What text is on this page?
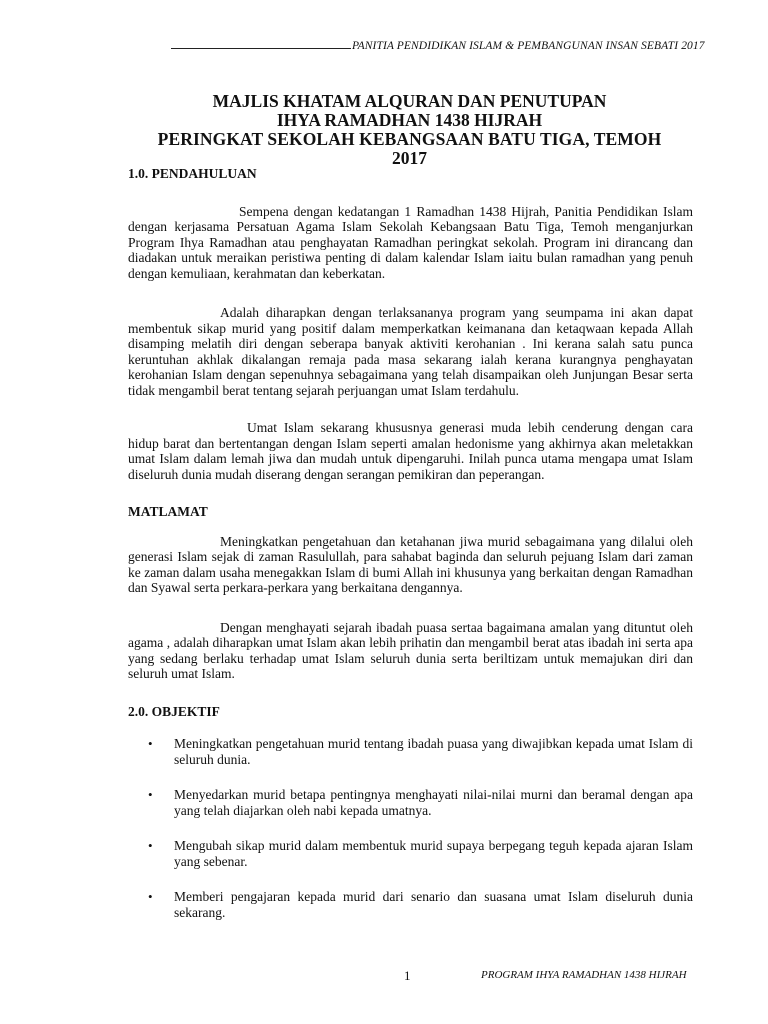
PANITIA PENDIDIKAN ISLAM & PEMBANGUNAN INSAN SEBATI 2017
MAJLIS KHATAM ALQURAN DAN PENUTUPAN
IHYA RAMADHAN 1438 HIJRAH
PERINGKAT SEKOLAH KEBANGSAAN BATU TIGA, TEMOH
2017
1.0. PENDAHULUAN

Sempena dengan kedatangan 1 Ramadhan 1438 Hijrah, Panitia Pendidikan Islam dengan kerjasama Persatuan Agama Islam Sekolah Kebangsaan Batu Tiga, Temoh menganjurkan Program Ihya Ramadhan atau penghayatan Ramadhan peringkat sekolah. Program ini dirancang dan diadakan untuk meraikan peristiwa penting di dalam kalendar Islam iaitu bulan ramadhan yang penuh dengan kemuliaan, kerahmatan dan keberkatan.

Adalah diharapkan dengan terlaksananya program yang seumpama ini akan dapat membentuk sikap murid yang positif dalam memperkatkan keimanana dan ketaqwaan kepada Allah disamping melatih diri dengan seberapa banyak aktiviti kerohanian . Ini kerana salah satu punca keruntuhan akhlak dikalangan remaja pada masa sekarang ialah kerana kurangnya penghayatan kerohanian Islam dengan sepenuhnya sebagaimana yang telah disampaikan oleh Junjungan Besar serta tidak mengambil berat tentang sejarah perjuangan umat Islam terdahulu.

Umat Islam sekarang khususnya generasi muda lebih cenderung dengan cara hidup barat dan bertentangan dengan Islam seperti amalan hedonisme yang akhirnya akan meletakkan umat Islam dalam lemah jiwa dan mudah untuk dipengaruhi. Inilah punca utama mengapa umat Islam diseluruh dunia mudah diserang dengan serangan pemikiran dan peperangan.

MATLAMAT

Meningkatkan pengetahuan dan ketahanan jiwa murid sebagaimana yang dilalui oleh generasi Islam sejak di zaman Rasulullah, para sahabat baginda dan seluruh pejuang Islam dari zaman ke zaman dalam usaha menegakkan Islam di bumi Allah ini khusunya yang berkaitan dengan Ramadhan dan Syawal serta perkara-perkara yang berkaitana dengannya.

Dengan menghayati sejarah ibadah puasa sertaa bagaimana amalan yang dituntut oleh agama , adalah diharapkan umat Islam akan lebih prihatin dan mengambil berat atas ibadah ini serta apa yang sedang berlaku terhadap umat Islam seluruh dunia serta beriltizam untuk memajukan diri dan seluruh umat Islam.

2.0. OBJEKTIF
• Meningkatkan pengetahuan murid tentang ibadah puasa yang diwajibkan kepada umat Islam di seluruh dunia.
• Menyedarkan murid betapa pentingnya menghayati nilai-nilai murni dan beramal dengan apa yang telah diajarkan oleh nabi kepada umatnya.
• Mengubah sikap murid dalam membentuk murid supaya berpegang teguh kepada ajaran Islam yang sebenar.
• Memberi pengajaran kepada murid dari senario dan suasana umat Islam diseluruh dunia sekarang.
1	PROGRAM IHYA RAMADHAN 1438 HIJRAH
